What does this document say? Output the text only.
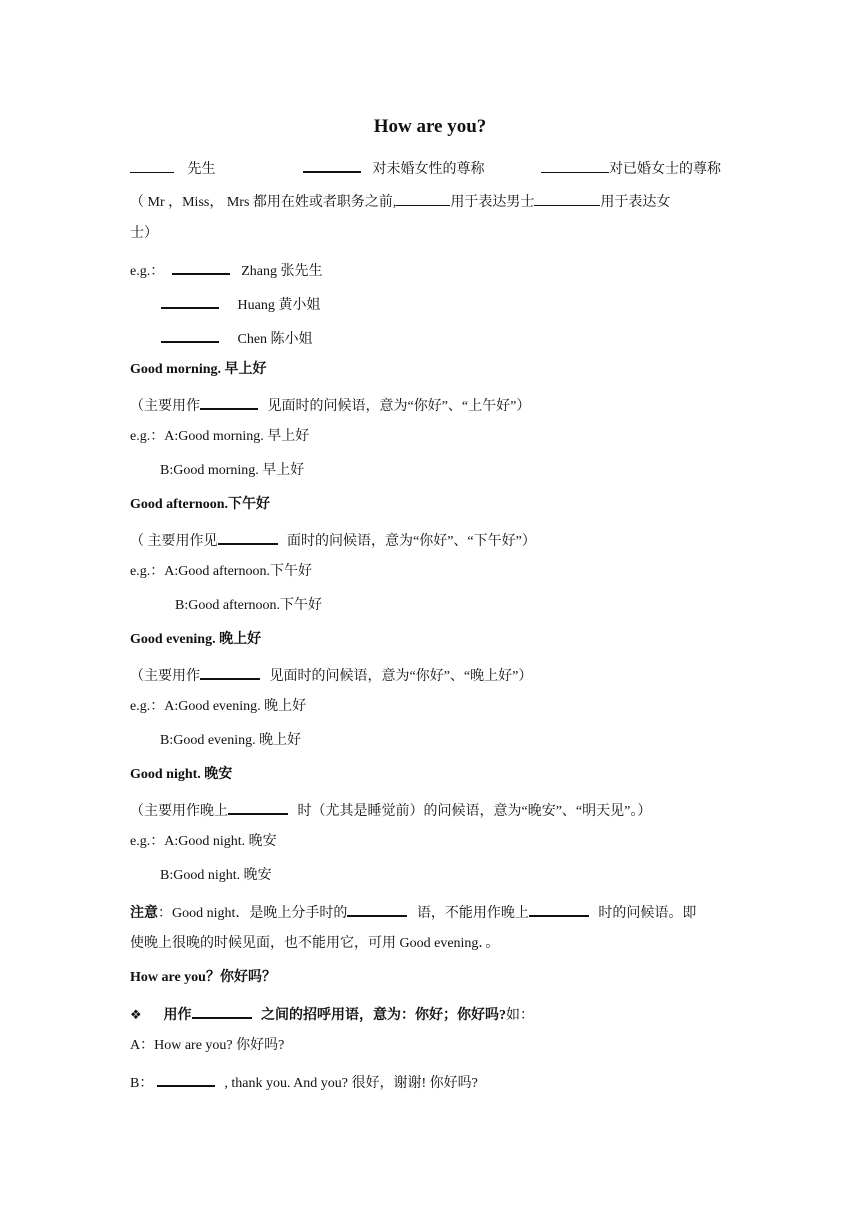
How are you?
先生	对未婚女性的尊称	对已婚女士的尊称
（ Mr ，Miss， Mrs 都用在姓或者职务之前,	用于表达男士	用于表达女
士）
e.g.：	Zhang 张先生
Huang 黄小姐
Chen 陈小姐
Good morning. 早上好
（主要用作	见面时的问候语，意为“你好”、“上午好”）
e.g.：A:Good morning. 早上好
B:Good morning. 早上好
Good afternoon.下午好
（ 主要用作见	面时的问候语，意为“你好”、“下午好”）
e.g.：A:Good afternoon.下午好
B:Good afternoon.下午好
Good evening. 晚上好
（主要用作	见面时的问候语，意为“你好”、“晚上好”）
e.g.：A:Good evening. 晚上好
B:Good evening. 晚上好
Good night. 晚安
（主要用作晚上	时（尤其是睡觉前）的问候语，意为“晚安”、“明天见”。）
e.g.：A:Good night. 晚安
B:Good night. 晚安
注意：Good night．是晚上分手时的	语，不能用作晚上	时的问候语。即
使晚上很晚的时候见面，也不能用它，可用 Good evening．。
How are you？你好吗？
❖ 用作	之间的招呼用语，意为：你好；你好吗?如：
A：How are you? 你好吗?
B：	, thank you. And you? 很好，谢谢! 你好吗?
